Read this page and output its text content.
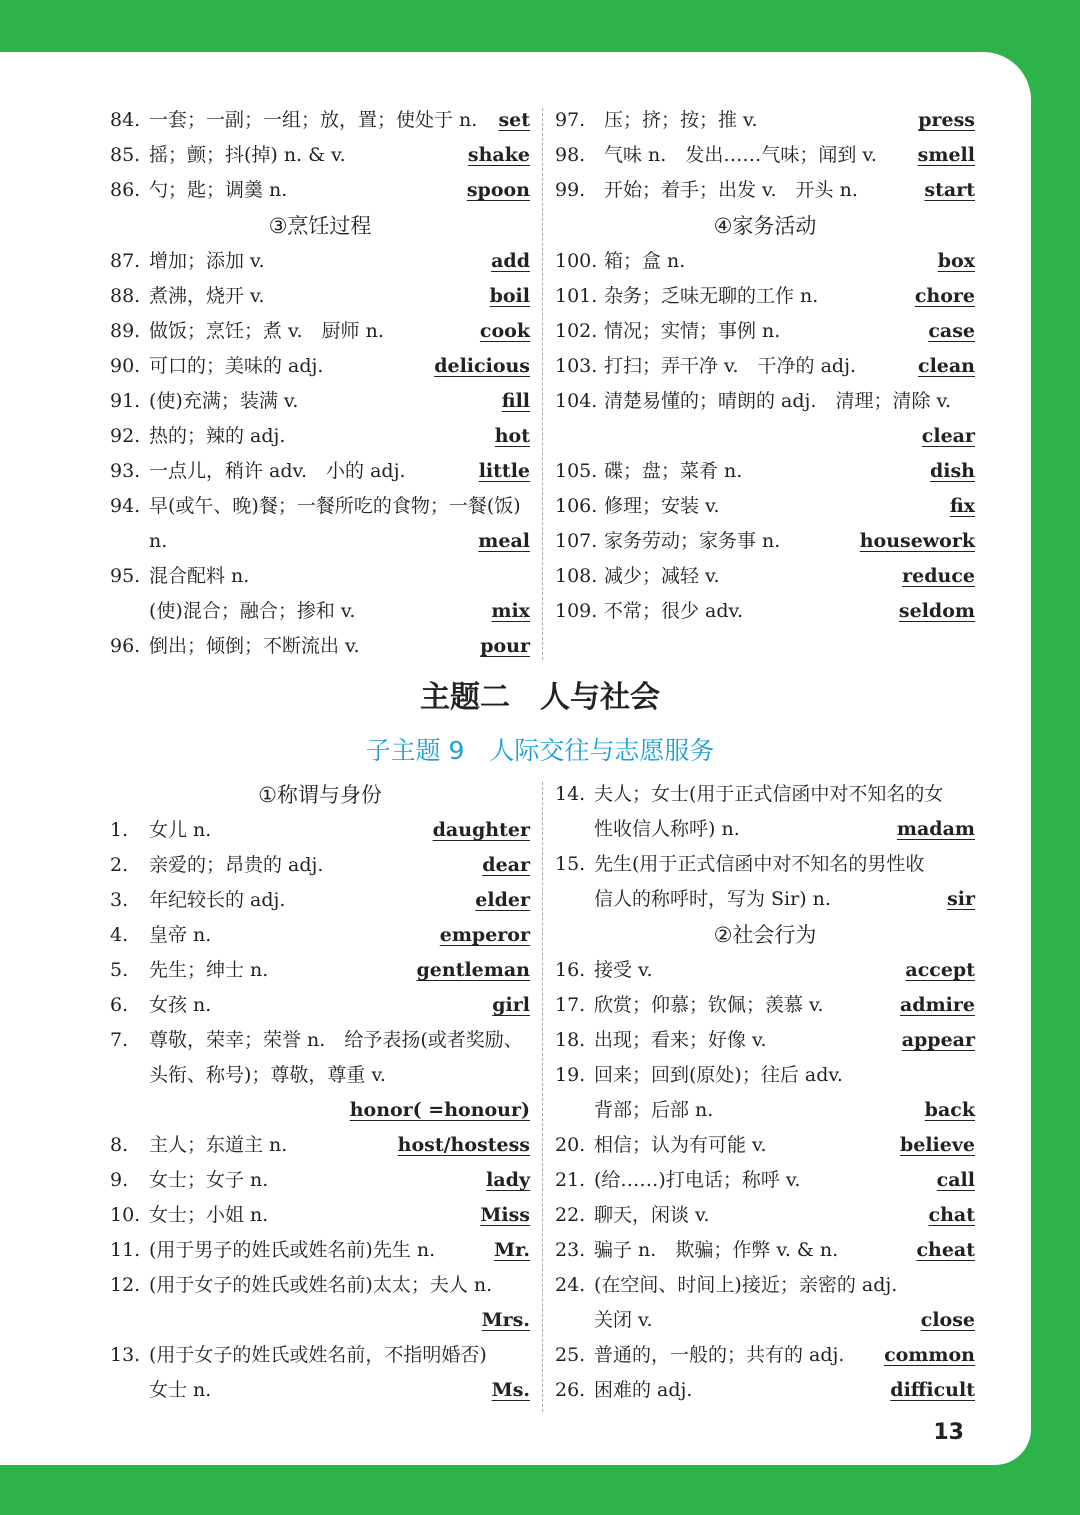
84. 一套；一副；一组；放，置；使处于 n. set
85. 摇；颤；抖(掉) n. & v.	shake
86. 勺；匙；调羹 n.	spoon
③烹饪过程
87. 增加；添加 v.	add
88. 煮沸，烧开 v.	boil
89. 做饭；烹饪；煮 v.　厨师 n.	cook
90. 可口的；美味的 adj.	delicious
91. (使)充满；装满 v.	fill
92. 热的；辣的 adj.	hot
93. 一点儿，稍许 adv.　小的 adj.	little
94. 早(或午、晚)餐；一餐所吃的食物；一餐(饭)
n.	meal
95. 混合配料 n.
(使)混合；融合；掺和 v.	mix
96. 倒出；倾倒；不断流出 v.	pour
97. 压；挤；按；推 v.	press
98. 气味 n.　发出……气味；闻到 v. smell
99. 开始；着手；出发 v.　开头 n.	start
④家务活动
100. 箱；盒 n.	box
101. 杂务；乏味无聊的工作 n.	chore
102. 情况；实情；事例 n.	case
103. 打扫；弄干净 v.　干净的 adj.	clean
104. 清楚易懂的；晴朗的 adj.　清理；清除 v.
clear
105. 碟；盘；菜肴 n.	dish
106. 修理；安装 v.	fix
107. 家务劳动；家务事 n.	housework
108. 减少；减轻 v.	reduce
109. 不常；很少 adv.	seldom
主题二　人与社会
子主题 9　人际交往与志愿服务
①称谓与身份
1. 女儿 n.	daughter
2. 亲爱的；昂贵的 adj.	dear
3. 年纪较长的 adj.	elder
4. 皇帝 n.	emperor
5. 先生；绅士 n.	gentleman
6. 女孩 n.	girl
7. 尊敬，荣幸；荣誉 n.　给予表扬(或者奖励、
头衔、称号)；尊敬，尊重 v.
honor( =honour)
8. 主人；东道主 n.	host/hostess
9. 女士；女子 n.	lady
10. 女士；小姐 n.	Miss
11. (用于男子的姓氏或姓名前)先生 n.	Mr.
12. (用于女子的姓氏或姓名前)太太；夫人 n.
Mrs.
13. (用于女子的姓氏或姓名前，不指明婚否)
女士 n.	Ms.
14. 夫人；女士(用于正式信函中对不知名的女
性收信人称呼) n.	madam
15. 先生(用于正式信函中对不知名的男性收
信人的称呼时，写为 Sir) n.	sir
②社会行为
16. 接受 v.	accept
17. 欣赏；仰慕；钦佩；羡慕 v.	admire
18. 出现；看来；好像 v.	appear
19. 回来；回到(原处)；往后 adv.
背部；后部 n.	back
20. 相信；认为有可能 v.	believe
21. (给……)打电话；称呼 v.	call
22. 聊天，闲谈 v.	chat
23. 骗子 n.　欺骗；作弊 v. & n.	cheat
24. (在空间、时间上)接近；亲密的 adj.
关闭 v.	close
25. 普通的，一般的；共有的 adj. common
26. 困难的 adj.	difficult
13
